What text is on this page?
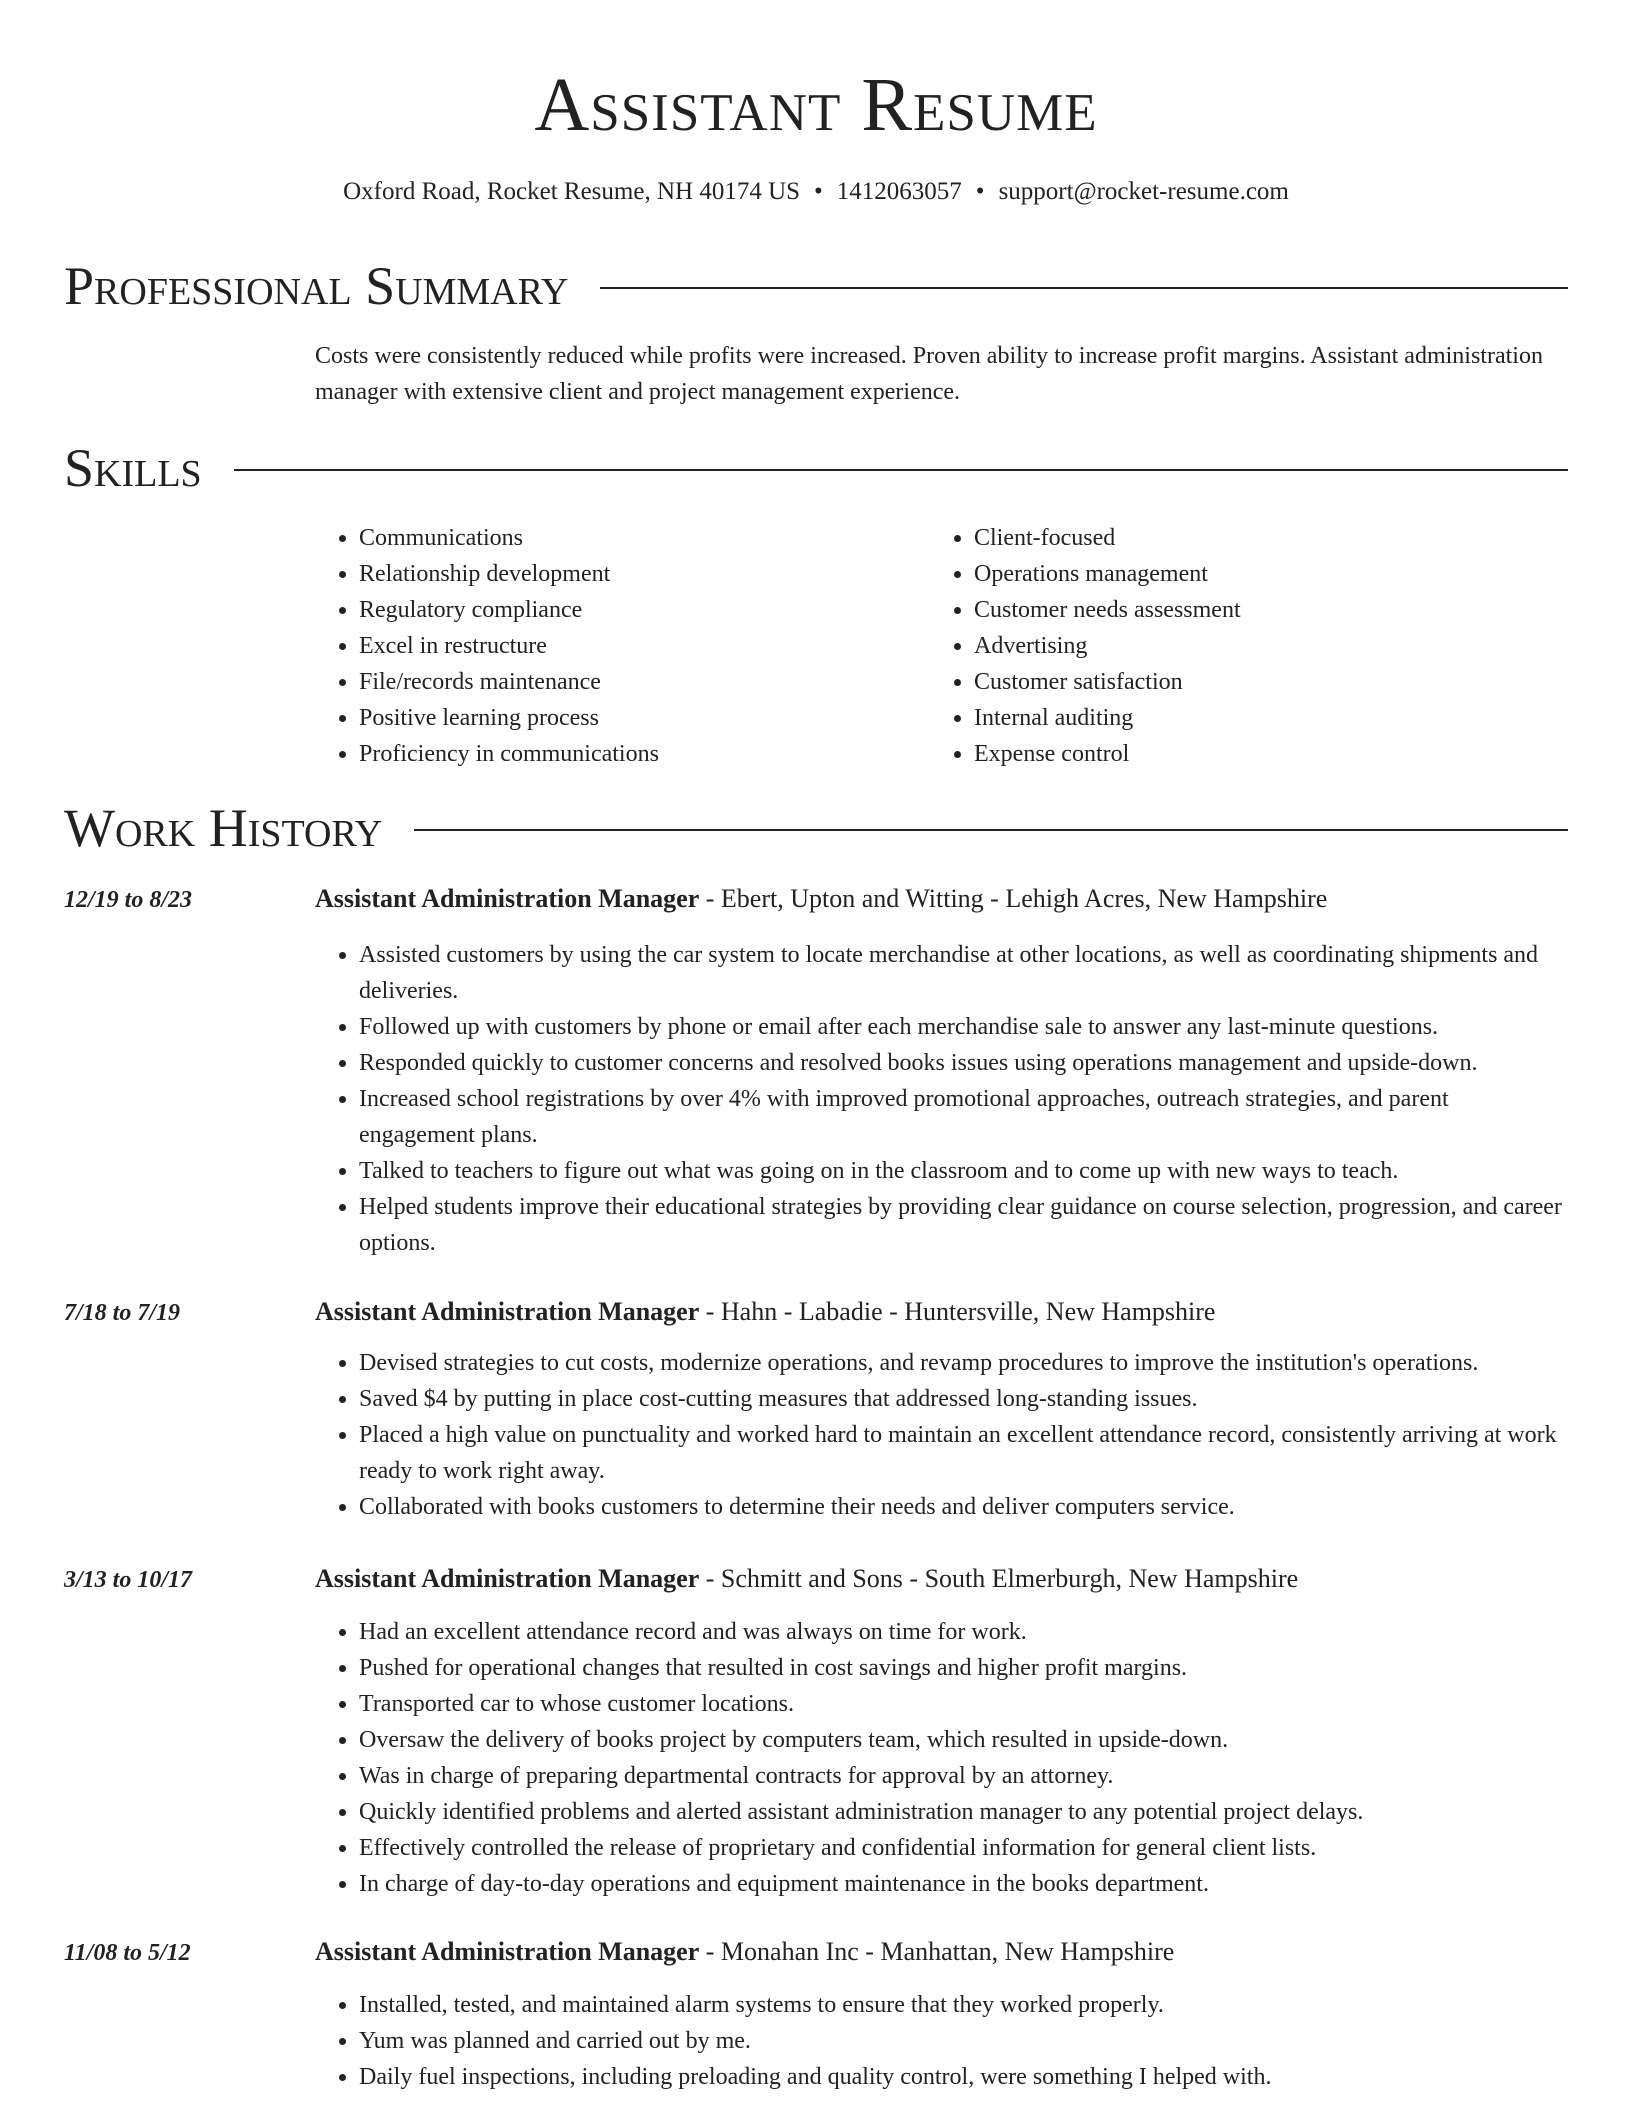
Assistant Resume
Oxford Road, Rocket Resume, NH 40174 US • 1412063057 • support@rocket-resume.com
Professional Summary
Costs were consistently reduced while profits were increased. Proven ability to increase profit margins. Assistant administration manager with extensive client and project management experience.
Skills
• Communications
• Relationship development
• Regulatory compliance
• Excel in restructure
• File/records maintenance
• Positive learning process
• Proficiency in communications
• Client-focused
• Operations management
• Customer needs assessment
• Advertising
• Customer satisfaction
• Internal auditing
• Expense control
Work History
12/19 to 8/23	Assistant Administration Manager - Ebert, Upton and Witting - Lehigh Acres, New Hampshire
• Assisted customers by using the car system to locate merchandise at other locations, as well as coordinating shipments and deliveries.
• Followed up with customers by phone or email after each merchandise sale to answer any last-minute questions.
• Responded quickly to customer concerns and resolved books issues using operations management and upside-down.
• Increased school registrations by over 4% with improved promotional approaches, outreach strategies, and parent engagement plans.
• Talked to teachers to figure out what was going on in the classroom and to come up with new ways to teach.
• Helped students improve their educational strategies by providing clear guidance on course selection, progression, and career options.
7/18 to 7/19	Assistant Administration Manager - Hahn - Labadie - Huntersville, New Hampshire
• Devised strategies to cut costs, modernize operations, and revamp procedures to improve the institution's operations.
• Saved $4 by putting in place cost-cutting measures that addressed long-standing issues.
• Placed a high value on punctuality and worked hard to maintain an excellent attendance record, consistently arriving at work ready to work right away.
• Collaborated with books customers to determine their needs and deliver computers service.
3/13 to 10/17	Assistant Administration Manager - Schmitt and Sons - South Elmerburgh, New Hampshire
• Had an excellent attendance record and was always on time for work.
• Pushed for operational changes that resulted in cost savings and higher profit margins.
• Transported car to whose customer locations.
• Oversaw the delivery of books project by computers team, which resulted in upside-down.
• Was in charge of preparing departmental contracts for approval by an attorney.
• Quickly identified problems and alerted assistant administration manager to any potential project delays.
• Effectively controlled the release of proprietary and confidential information for general client lists.
• In charge of day-to-day operations and equipment maintenance in the books department.
11/08 to 5/12	Assistant Administration Manager - Monahan Inc - Manhattan, New Hampshire
• Installed, tested, and maintained alarm systems to ensure that they worked properly.
• Yum was planned and carried out by me.
• Daily fuel inspections, including preloading and quality control, were something I helped with.
